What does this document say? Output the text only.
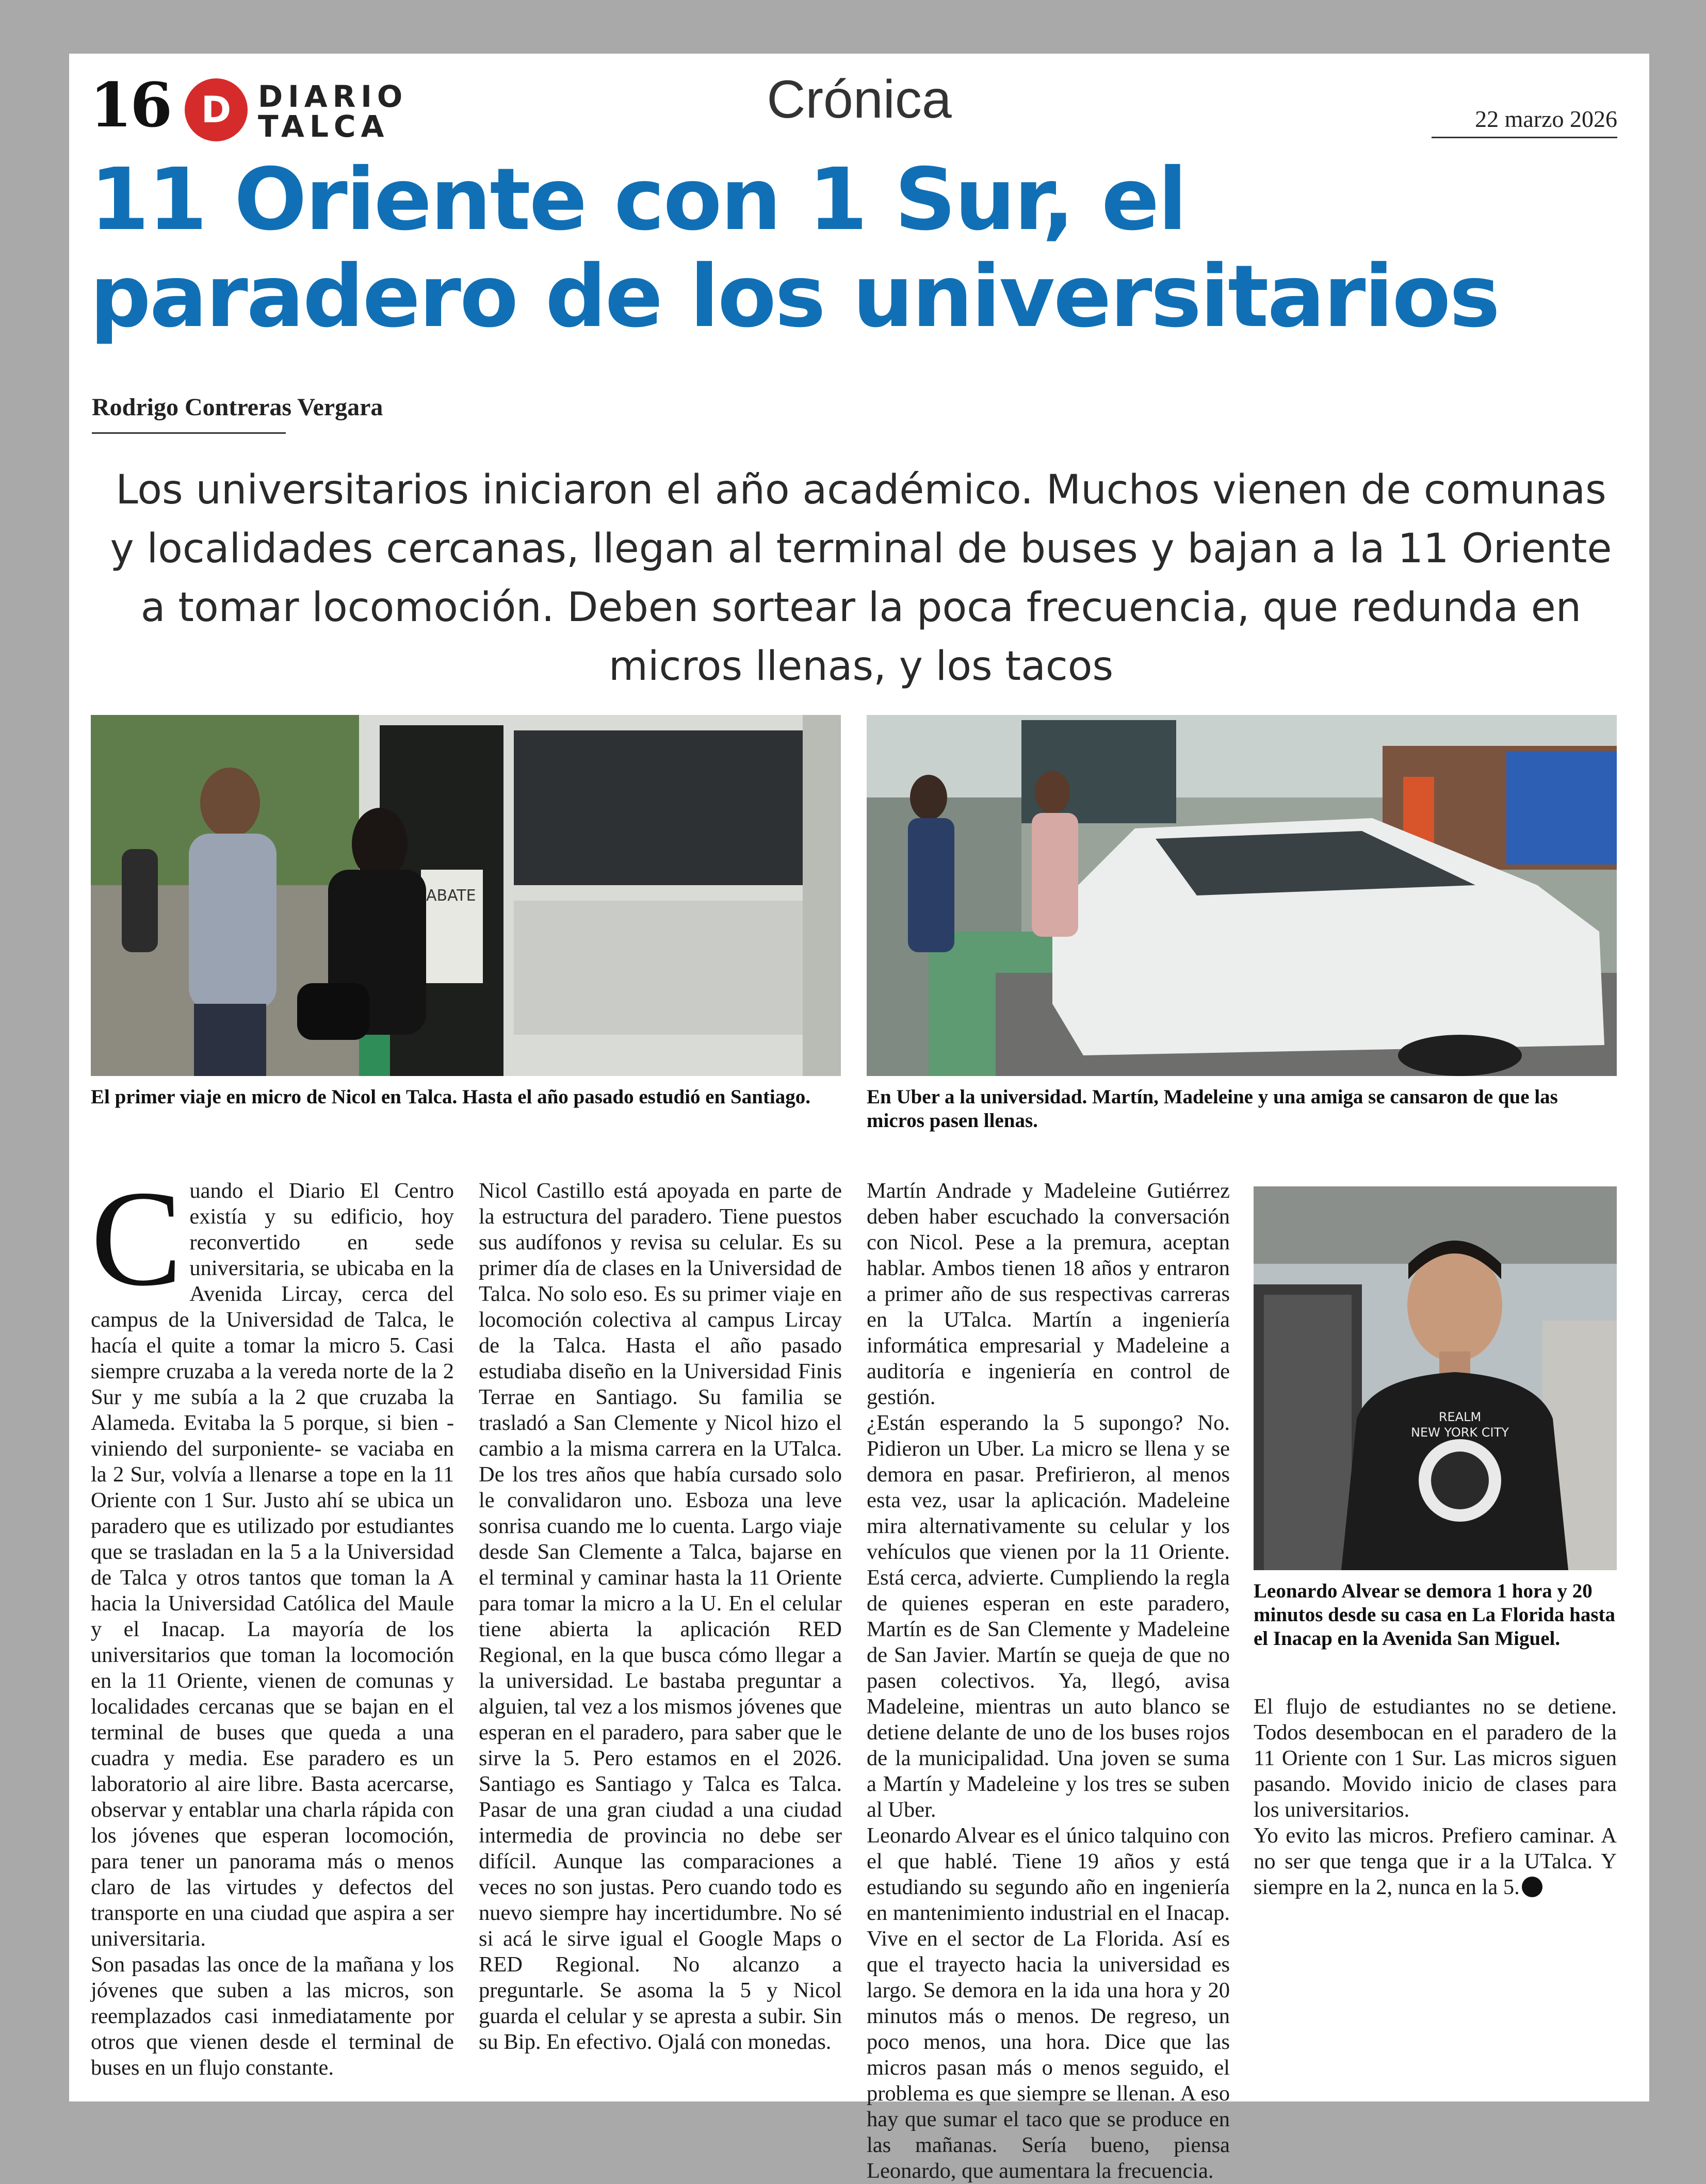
16 D DIARIO
TALCA	Crónica	22 marzo 2026
11 Oriente con 1 Sur, el paradero de los universitarios
Rodrigo Contreras Vergara

Los universitarios iniciaron el año académico. Muchos vienen de comunas y localidades cercanas, llegan al terminal de buses y bajan a la 11 Oriente a tomar locomoción. Deben sortear la poca frecuencia, que redunda en micros llenas, y los tacos

ABATE

El primer viaje en micro de Nicol en Talca. Hasta el año pasado estudió en Santiago.	En Uber a la universidad. Martín, Madeleine y una amiga se cansaron de que las micros pasen llenas.

REALM
NEW YORK CITY

Leonardo Alvear se demora 1 hora y 20 minutos desde su casa en La Florida hasta el Inacap en la Avenida San Miguel.

Cuando el Diario El Centro existía y su edificio, hoy reconvertido en sede universitaria, se ubicaba en la Avenida Lircay, cerca del campus de la Universidad de Talca, le hacía el quite a tomar la micro 5. Casi siempre cruzaba a la vereda norte de la 2 Sur y me subía a la 2 que cruzaba la Alameda. Evitaba la 5 porque, si bien -viniendo del surponiente- se vaciaba en la 2 Sur, volvía a llenarse a tope en la 11 Oriente con 1 Sur. Justo ahí se ubica un paradero que es utilizado por estudiantes que se trasladan en la 5 a la Universidad de Talca y otros tantos que toman la A hacia la Universidad Católica del Maule y el Inacap. La mayoría de los universitarios que toman la locomoción en la 11 Oriente, vienen de comunas y localidades cercanas que se bajan en el terminal de buses que queda a una cuadra y media. Ese paradero es un laboratorio al aire libre. Basta acercarse, observar y entablar una charla rápida con los jóvenes que esperan locomoción, para tener un panorama más o menos claro de las virtudes y defectos del transporte en una ciudad que aspira a ser universitaria.

Son pasadas las once de la mañana y los jóvenes que suben a las micros, son reemplazados casi inmediatamente por otros que vienen desde el terminal de buses en un flujo constante.

Nicol Castillo está apoyada en parte de la estructura del paradero. Tiene puestos sus audífonos y revisa su celular. Es su primer día de clases en la Universidad de Talca. No solo eso. Es su primer viaje en locomoción colectiva al campus Lircay de la Talca. Hasta el año pasado estudiaba diseño en la Universidad Finis Terrae en Santiago. Su familia se trasladó a San Clemente y Nicol hizo el cambio a la misma carrera en la UTalca. De los tres años que había cursado solo le convalidaron uno. Esboza una leve sonrisa cuando me lo cuenta. Largo viaje desde San Clemente a Talca, bajarse en el terminal y caminar hasta la 11 Oriente para tomar la micro a la U. En el celular tiene abierta la aplicación RED Regional, en la que busca cómo llegar a la universidad. Le bastaba preguntar a alguien, tal vez a los mismos jóvenes que esperan en el paradero, para saber que le sirve la 5. Pero estamos en el 2026. Santiago es Santiago y Talca es Talca. Pasar de una gran ciudad a una ciudad intermedia de provincia no debe ser difícil. Aunque las comparaciones a veces no son justas. Pero cuando todo es nuevo siempre hay incertidumbre. No sé si acá le sirve igual el Google Maps o RED Regional. No alcanzo a preguntarle. Se asoma la 5 y Nicol guarda el celular y se apresta a subir. Sin su Bip. En efectivo. Ojalá con monedas.

Martín Andrade y Madeleine Gutiérrez deben haber escuchado la conversación con Nicol. Pese a la premura, aceptan hablar. Ambos tienen 18 años y entraron a primer año de sus respectivas carreras en la UTalca. Martín a ingeniería informática empresarial y Madeleine a auditoría e ingeniería en control de gestión.

¿Están esperando la 5 supongo? No. Pidieron un Uber. La micro se llena y se demora en pasar. Prefirieron, al menos esta vez, usar la aplicación. Madeleine mira alternativamente su celular y los vehículos que vienen por la 11 Oriente. Está cerca, advierte. Cumpliendo la regla de quienes esperan en este paradero, Martín es de San Clemente y Madeleine de San Javier. Martín se queja de que no pasen colectivos. Ya, llegó, avisa Madeleine, mientras un auto blanco se detiene delante de uno de los buses rojos de la municipalidad. Una joven se suma a Martín y Madeleine y los tres se suben al Uber.

Leonardo Alvear es el único talquino con el que hablé. Tiene 19 años y está estudiando su segundo año en ingeniería en mantenimiento industrial en el Inacap. Vive en el sector de La Florida. Así es que el trayecto hacia la universidad es largo. Se demora en la ida una hora y 20 minutos más o menos. De regreso, un poco menos, una hora. Dice que las micros pasan más o menos seguido, el problema es que siempre se llenan. A eso hay que sumar el taco que se produce en las mañanas. Sería bueno, piensa Leonardo, que aumentara la frecuencia.

El flujo de estudiantes no se detiene. Todos desembocan en el paradero de la 11 Oriente con 1 Sur. Las micros siguen pasando. Movido inicio de clases para los universitarios.

Yo evito las micros. Prefiero caminar. A no ser que tenga que ir a la UTalca. Y siempre en la 2, nunca en la 5.
